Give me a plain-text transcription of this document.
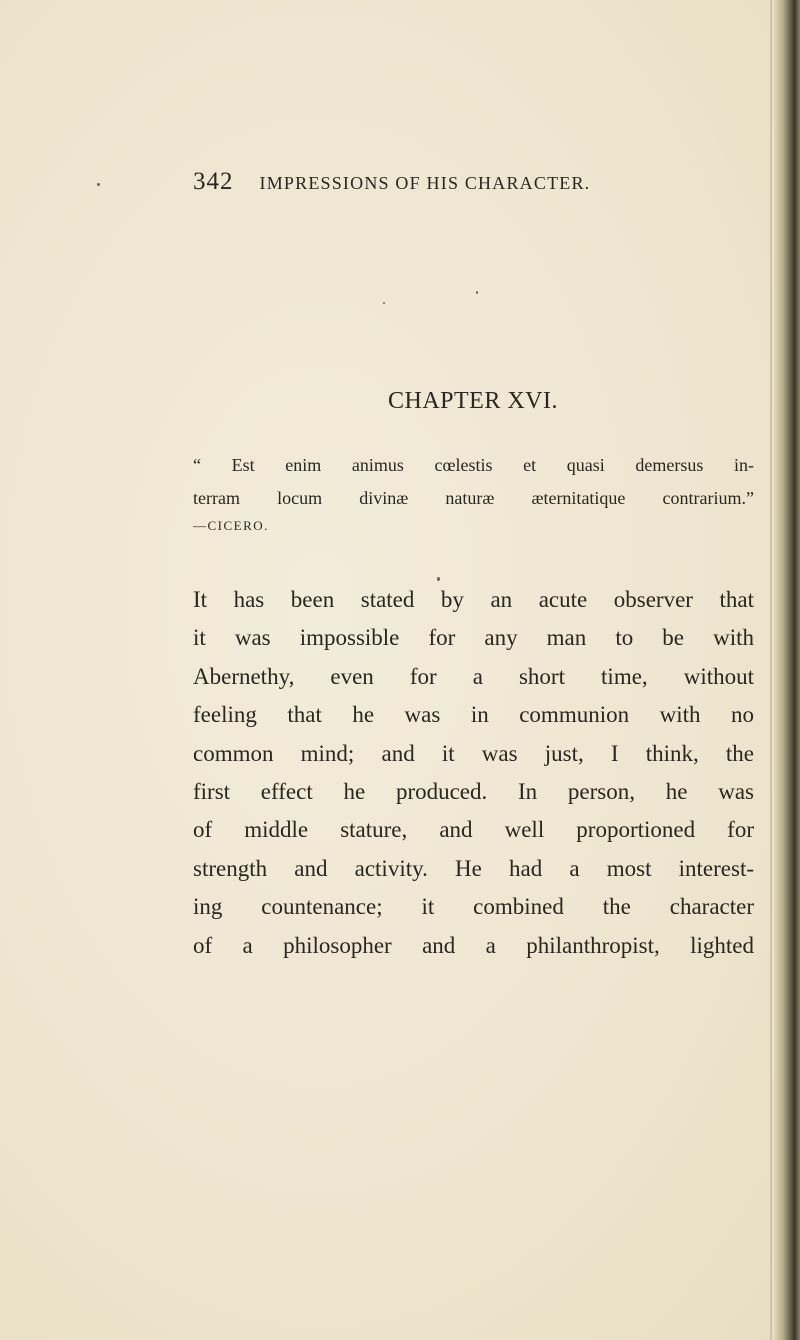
342 IMPRESSIONS OF HIS CHARACTER.
CHAPTER XVI.
“ Est enim animus cœlestis et quasi demersus in-
terram locum divinæ naturæ æternitatique contrarium.”
—CICERO.
It has been stated by an acute observer that
it was impossible for any man to be with
Abernethy, even for a short time, without
feeling that he was in communion with no
common mind; and it was just, I think, the
first effect he produced. In person, he was
of middle stature, and well proportioned for
strength and activity. He had a most interest-
ing countenance; it combined the character
of a philosopher and a philanthropist, lighted
